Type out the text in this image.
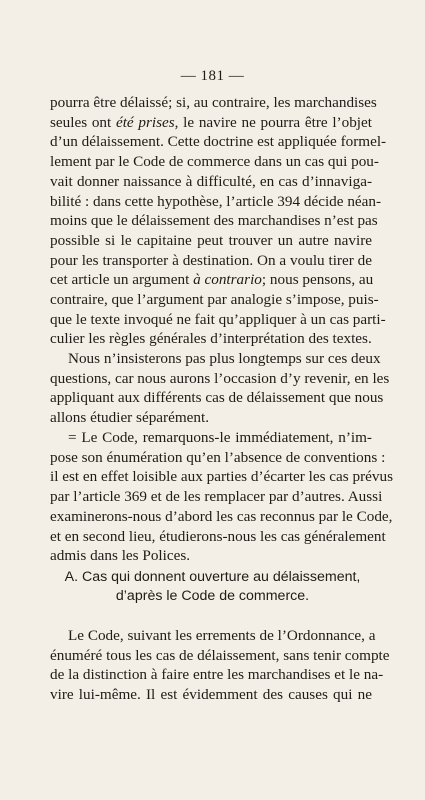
— 181 —
pourra être délaissé; si, au contraire, les marchandises
seules ont été prises, le navire ne pourra être l’objet
d’un délaissement. Cette doctrine est appliquée formel-
lement par le Code de commerce dans un cas qui pou-
vait donner naissance à difficulté, en cas d’innaviga-
bilité : dans cette hypothèse, l’article 394 décide néan-
moins que le délaissement des marchandises n’est pas
possible si le capitaine peut trouver un autre navire
pour les transporter à destination. On a voulu tirer de
cet article un argument à contrario; nous pensons, au
contraire, que l’argument par analogie s’impose, puis-
que le texte invoqué ne fait qu’appliquer à un cas parti-
culier les règles générales d’interprétation des textes.
Nous n’insisterons pas plus longtemps sur ces deux
questions, car nous aurons l’occasion d’y revenir, en les
appliquant aux différents cas de délaissement que nous
allons étudier séparément.
= Le Code, remarquons-le immédiatement, n’im-
pose son énumération qu’en l’absence de conventions :
il est en effet loisible aux parties d’écarter les cas prévus
par l’article 369 et de les remplacer par d’autres. Aussi
examinerons-nous d’abord les cas reconnus par le Code,
et en second lieu, étudierons-nous les cas généralement
admis dans les Polices.
A. Cas qui donnent ouverture au délaissement,
d’après le Code de commerce.
Le Code, suivant les errements de l’Ordonnance, a
énuméré tous les cas de délaissement, sans tenir compte
de la distinction à faire entre les marchandises et le na-
vire lui-même. Il est évidemment des causes qui ne
